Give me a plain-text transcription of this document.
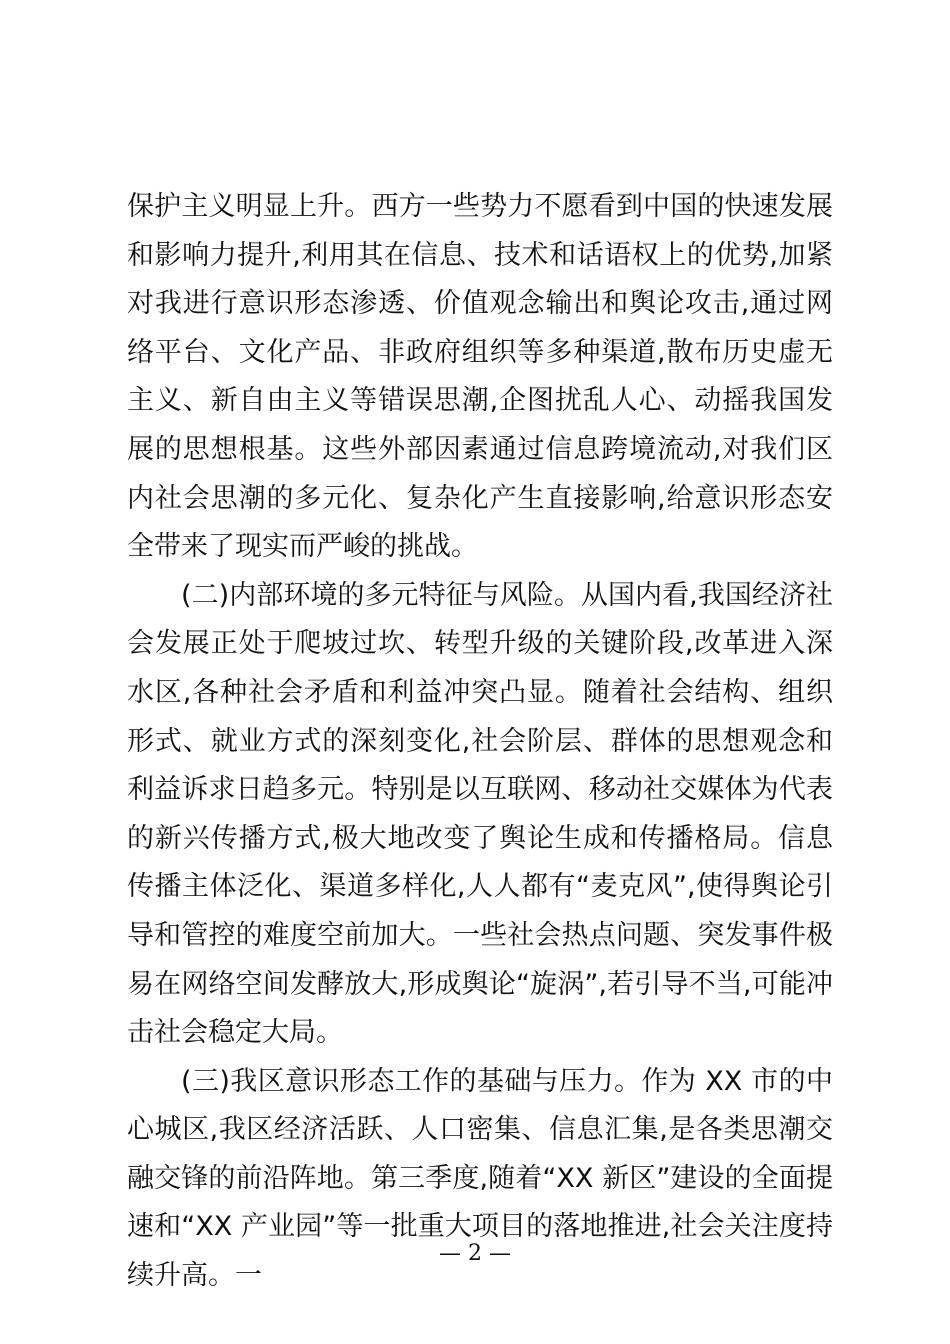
保护主义明显上升。西方一些势力不愿看到中国的快速发展和影响力提升,利用其在信息、技术和话语权上的优势,加紧对我进行意识形态渗透、价值观念输出和舆论攻击,通过网络平台、文化产品、非政府组织等多种渠道,散布历史虚无主义、新自由主义等错误思潮,企图扰乱人心、动摇我国发展的思想根基。这些外部因素通过信息跨境流动,对我们区内社会思潮的多元化、复杂化产生直接影响,给意识形态安全带来了现实而严峻的挑战。

(二)内部环境的多元特征与风险。从国内看,我国经济社会发展正处于爬坡过坎、转型升级的关键阶段,改革进入深水区,各种社会矛盾和利益冲突凸显。随着社会结构、组织形式、就业方式的深刻变化,社会阶层、群体的思想观念和利益诉求日趋多元。特别是以互联网、移动社交媒体为代表的新兴传播方式,极大地改变了舆论生成和传播格局。信息传播主体泛化、渠道多样化,人人都有“麦克风”,使得舆论引导和管控的难度空前加大。一些社会热点问题、突发事件极易在网络空间发酵放大,形成舆论“旋涡”,若引导不当,可能冲击社会稳定大局。

(三)我区意识形态工作的基础与压力。作为 XX 市的中心城区,我区经济活跃、人口密集、信息汇集,是各类思潮交融交锋的前沿阵地。第三季度,随着“XX 新区”建设的全面提速和“XX 产业园”等一批重大项目的落地推进,社会关注度持续升高。一

— 2 —
